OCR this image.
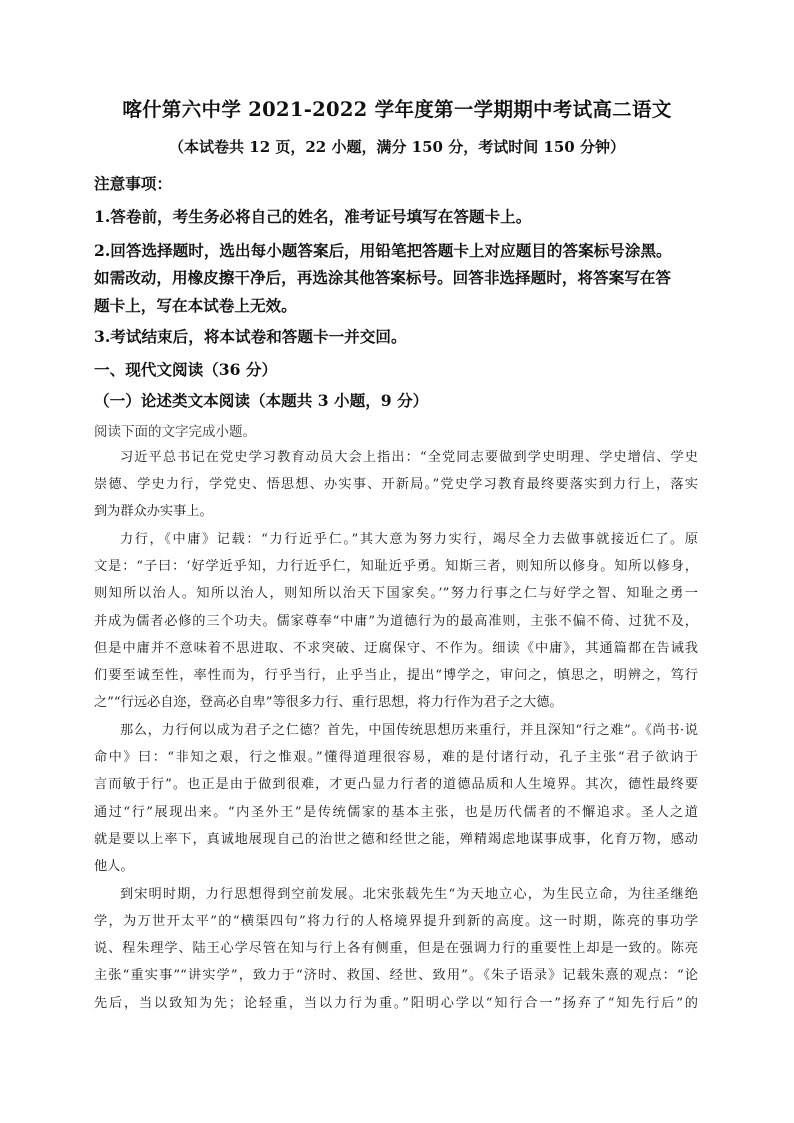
喀什第六中学 2021-2022 学年度第一学期期中考试高二语文
（本试卷共 12 页，22 小题，满分 150 分，考试时间 150 分钟）
注意事项：
1.答卷前，考生务必将自己的姓名，准考证号填写在答题卡上。
2.回答选择题时，选出每小题答案后，用铅笔把答题卡上对应题目的答案标号涂黑。
如需改动，用橡皮擦干净后，再选涂其他答案标号。回答非选择题时，将答案写在答
题卡上，写在本试卷上无效。
3.考试结束后，将本试卷和答题卡一并交回。
一、现代文阅读（36 分）
（一）论述类文本阅读（本题共 3 小题，9 分）
阅读下面的文字完成小题。
习近平总书记在党史学习教育动员大会上指出：“全党同志要做到学史明理、学史增信、学史
崇德、学史力行，学党史、悟思想、办实事、开新局。”党史学习教育最终要落实到力行上，落实
到为群众办实事上。
力行，《中庸》记载：“力行近乎仁。”其大意为努力实行，竭尽全力去做事就接近仁了。原
文是：“子曰：‘好学近乎知，力行近乎仁，知耻近乎勇。知斯三者，则知所以修身。知所以修身，
则知所以治人。知所以治人，则知所以治天下国家矣。’”努力行事之仁与好学之智、知耻之勇一
并成为儒者必修的三个功夫。儒家尊奉“中庸”为道德行为的最高准则，主张不偏不倚、过犹不及，
但是中庸并不意味着不思进取、不求突破、迂腐保守、不作为。细读《中庸》，其通篇都在告诫我
们要至诚至性，率性而为，行乎当行，止乎当止，提出“博学之，审问之，慎思之，明辨之，笃行
之”“行远必自迩，登高必自卑”等很多力行、重行思想，将力行作为君子之大德。
那么，力行何以成为君子之仁德？首先，中国传统思想历来重行，并且深知“行之难”。《尚书·说
命中》曰：“非知之艰，行之惟艰。”懂得道理很容易，难的是付诸行动，孔子主张“君子欲讷于
言而敏于行”。也正是由于做到很难，才更凸显力行者的道德品质和人生境界。其次，德性最终要
通过“行”展现出来。“内圣外王”是传统儒家的基本主张，也是历代儒者的不懈追求。圣人之道
就是要以上率下，真诚地展现自己的治世之德和经世之能，殚精竭虑地谋事成事，化育万物，感动
他人。
到宋明时期，力行思想得到空前发展。北宋张载先生“为天地立心，为生民立命，为往圣继绝
学，为万世开太平”的“横渠四句”将力行的人格境界提升到新的高度。这一时期，陈亮的事功学
说、程朱理学、陆王心学尽管在知与行上各有侧重，但是在强调力行的重要性上却是一致的。陈亮
主张“重实事”“讲实学”，致力于“济时、救国、经世、致用”。《朱子语录》记载朱熹的观点：“论
先后，当以致知为先；论轻重，当以力行为重。”阳明心学以“知行合一”扬弃了“知先行后”的
